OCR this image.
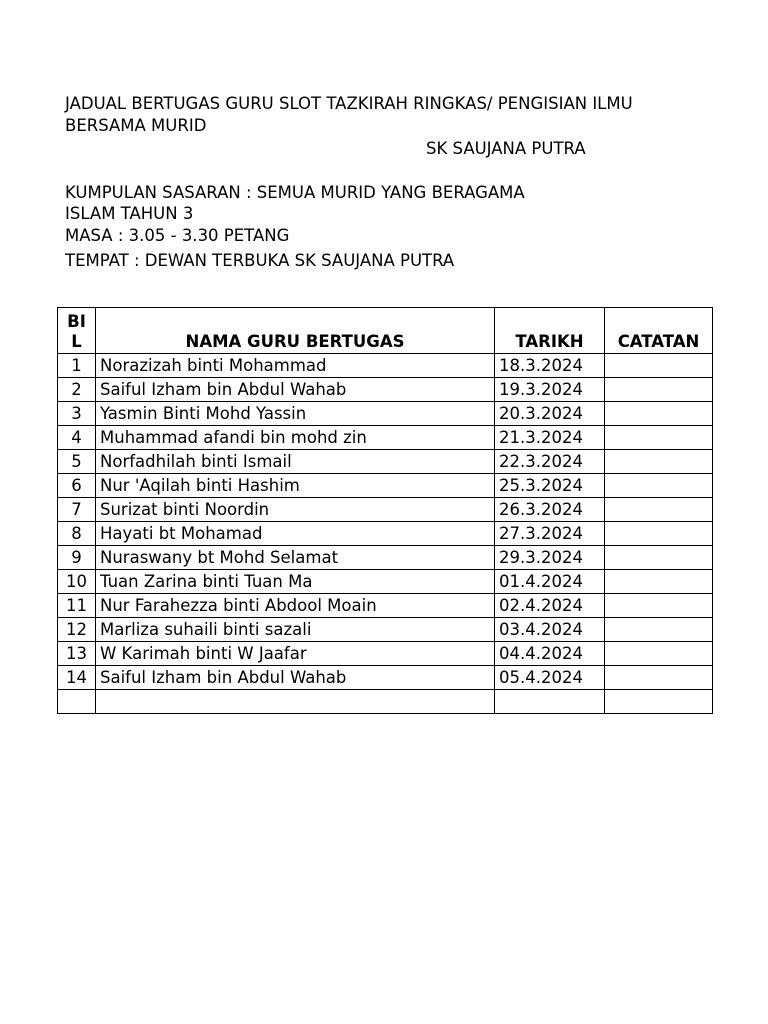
JADUAL BERTUGAS GURU SLOT TAZKIRAH RINGKAS/ PENGISIAN ILMU

BERSAMA MURID

SK SAUJANA PUTRA

KUMPULAN SASARAN : SEMUA MURID YANG BERAGAMA

ISLAM TAHUN 3

MASA : 3.05 - 3.30 PETANG

TEMPAT : DEWAN TERBUKA SK SAUJANA PUTRA

BI
L	NAMA GURU BERTUGAS	TARIKH	CATATAN
1	Norazizah binti Mohammad	18.3.2024	
2	Saiful Izham bin Abdul Wahab	19.3.2024	
3	Yasmin Binti Mohd Yassin	20.3.2024	
4	Muhammad afandi bin mohd zin	21.3.2024	
5	Norfadhilah binti Ismail	22.3.2024	
6	Nur 'Aqilah binti Hashim	25.3.2024	
7	Surizat binti Noordin	26.3.2024	
8	Hayati bt Mohamad	27.3.2024	
9	Nuraswany bt Mohd Selamat	29.3.2024	
10	Tuan Zarina binti Tuan Ma	01.4.2024	
11	Nur Farahezza binti Abdool Moain	02.4.2024	
12	Marliza suhaili binti sazali	03.4.2024	
13	W Karimah binti W Jaafar	04.4.2024	
14	Saiful Izham bin Abdul Wahab	05.4.2024	
